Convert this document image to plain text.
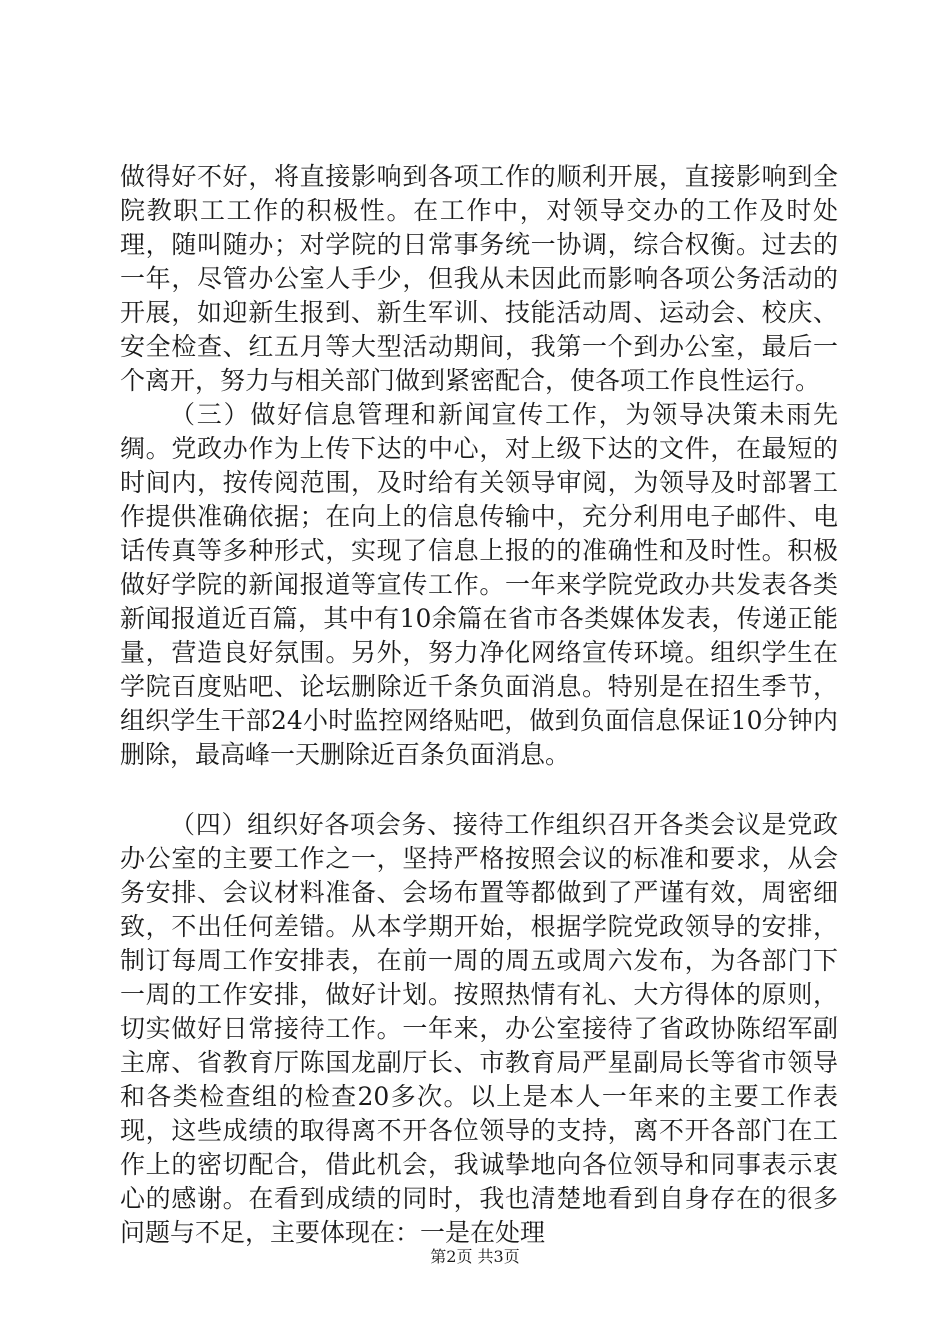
做得好不好，将直接影响到各项工作的顺利开展，直接影响到全院教职工工作的积极性。在工作中，对领导交办的工作及时处理，随叫随办；对学院的日常事务统一协调，综合权衡。过去的一年，尽管办公室人手少，但我从未因此而影响各项公务活动的开展，如迎新生报到、新生军训、技能活动周、运动会、校庆、安全检查、红五月等大型活动期间，我第一个到办公室，最后一个离开，努力与相关部门做到紧密配合，使各项工作良性运行。

（三）做好信息管理和新闻宣传工作，为领导决策未雨先绸。党政办作为上传下达的中心，对上级下达的文件，在最短的时间内，按传阅范围，及时给有关领导审阅，为领导及时部署工作提供准确依据；在向上的信息传输中，充分利用电子邮件、电话传真等多种形式，实现了信息上报的的准确性和及时性。积极做好学院的新闻报道等宣传工作。一年来学院党政办共发表各类新闻报道近百篇，其中有10余篇在省市各类媒体发表，传递正能量，营造良好氛围。另外，努力净化网络宣传环境。组织学生在学院百度贴吧、论坛删除近千条负面消息。特别是在招生季节，组织学生干部24小时监控网络贴吧，做到负面信息保证10分钟内删除，最高峰一天删除近百条负面消息。

（四）组织好各项会务、接待工作组织召开各类会议是党政办公室的主要工作之一，坚持严格按照会议的标准和要求，从会务安排、会议材料准备、会场布置等都做到了严谨有效，周密细致，不出任何差错。从本学期开始，根据学院党政领导的安排，制订每周工作安排表，在前一周的周五或周六发布，为各部门下一周的工作安排，做好计划。按照热情有礼、大方得体的原则，切实做好日常接待工作。一年来，办公室接待了省政协陈绍军副主席、省教育厅陈国龙副厅长、市教育局严星副局长等省市领导和各类检查组的检查20多次。以上是本人一年来的主要工作表现，这些成绩的取得离不开各位领导的支持，离不开各部门在工作上的密切配合，借此机会，我诚挚地向各位领导和同事表示衷心的感谢。在看到成绩的同时，我也清楚地看到自身存在的很多问题与不足，主要体现在：一是在处理

第2页 共3页
